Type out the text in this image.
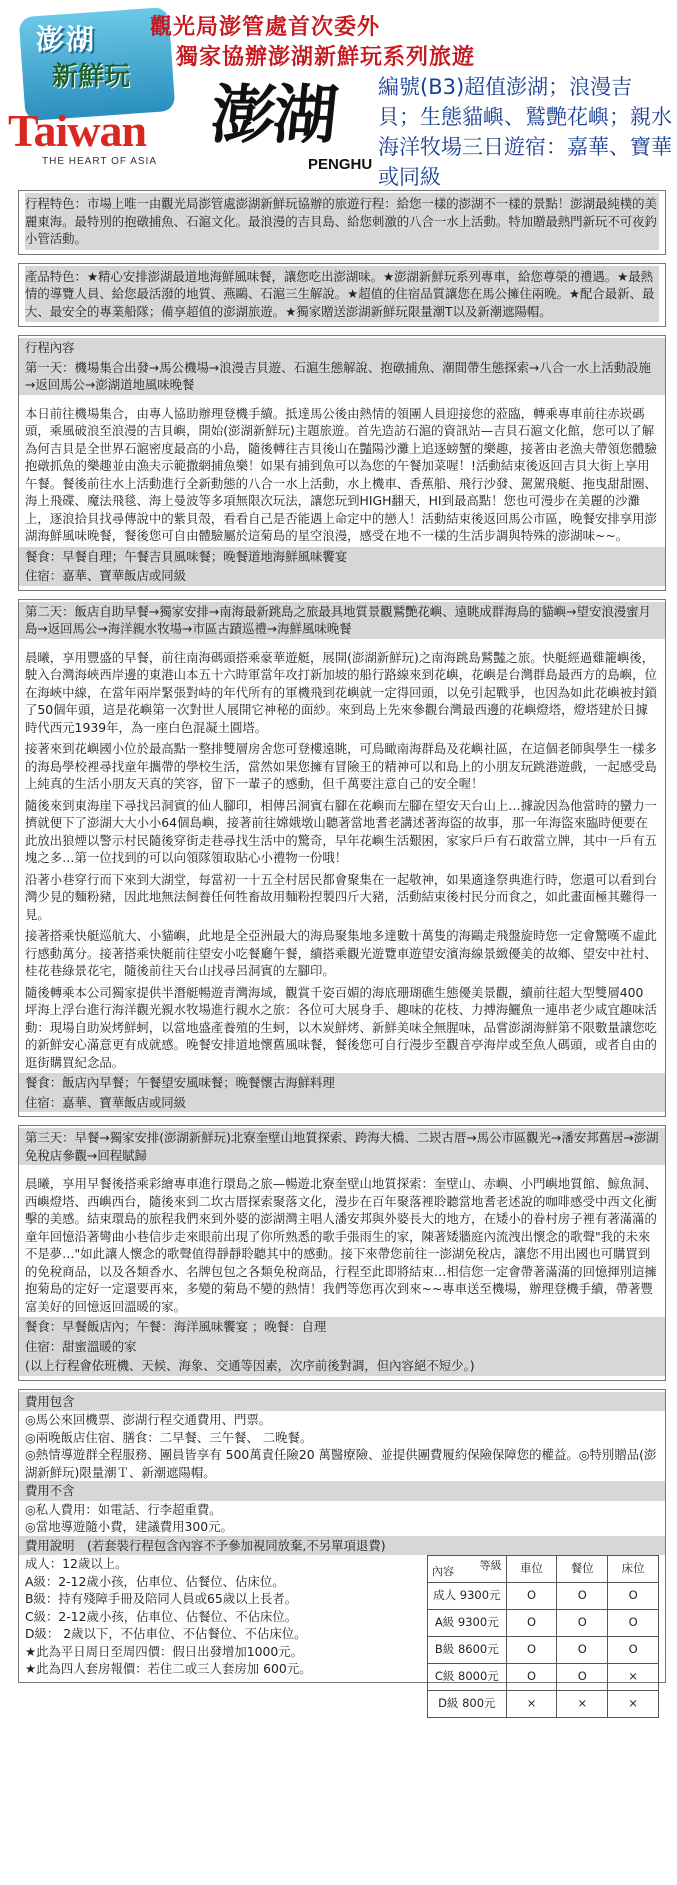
澎湖
新鮮玩
Taiwan
THE HEART OF ASIA
觀光局澎管處首次委外
獨家協辦澎湖新鮮玩系列旅遊
澎湖
PENGHU
編號(B3)超值澎湖；浪漫吉貝；生態貓嶼、鷲艷花嶼；親水海洋牧場三日遊宿：嘉華、寶華或同級
行程特色：市場上唯一由觀光局澎管處澎湖新鮮玩協辦的旅遊行程：給您一樣的澎湖不一樣的景點！澎湖最純樸的美麗東海。最特別的抱礅捕魚、石滬文化。最浪漫的吉貝島、給您刺激的八合一水上活動。特加贈最熱門新玩不可夜釣小管活動。
產品特色：★精心安排澎湖最道地海鮮風味餐，讓您吃出澎湖味。★澎湖新鮮玩系列專車，給您尊榮的禮遇。★最熱情的導覽人員、給您最活潑的地質、燕鷗、石滬三生解說。★超值的住宿品質讓您在馬公擁住兩晚。★配合最新、最大、最安全的專業船隊；備享超值的澎湖旅遊。★獨家贈送澎湖新鮮玩限量潮T以及新潮遮陽帽。
行程內容
第一天：機場集合出發→馬公機場→浪漫吉貝遊、石滬生態解說、抱礅捕魚、潮間帶生態探索→八合一水上活動設施→返回馬公→澎湖道地風味晚餐
本日前往機場集合，由專人協助辦理登機手續。抵達馬公後由熱情的領團人員迎接您的蒞臨，轉乘專車前往赤崁碼頭，乘風破浪至浪漫的吉貝嶼，開始(澎湖新鮮玩)主題旅遊。首先造訪石滬的資訊站—吉貝石滬文化館，您可以了解為何吉貝是全世界石滬密度最高的小島，隨後轉往吉貝後山在豔陽沙灘上追逐螃蟹的樂趣，接著由老漁夫帶領您體驗抱礅抓魚的樂趣並由漁夫示範撒網捕魚樂！如果有捕到魚可以為您的午餐加菜喔！!活動結束後返回吉貝大街上享用午餐。餐後前往水上活動進行全新動態的八合一水上活動，水上機車、香蕉船、飛行沙發、駕駕飛艇、拖曳甜甜圈、海上飛碟、魔法飛毯、海上曼波等多項無限次玩法，讓您玩到HIGH翻天，HI到最高點！您也可漫步在美麗的沙灘上，逐浪拾貝找尋傳說中的紫貝殼，看看自己是否能遇上命定中的戀人！活動結束後返回馬公市區，晚餐安排享用澎湖海鮮風味晚餐，餐後您可自由體驗屬於這菊島的星空浪漫，感受在地不一樣的生活步調與特殊的澎湖味~~。
餐食：早餐自理；午餐吉貝風味餐；晚餐道地海鮮風味饗宴
住宿：嘉華、寶華飯店或同級
第二天：飯店自助早餐→獨家安排→南海最新跳島之旅最具地質景觀鷲艷花嶼、遠眺成群海鳥的貓嶼→望安浪漫蜜月島→返回馬公→海洋親水牧場→市區古蹟巡禮→海鮮風味晚餐
晨曦，享用豐盛的早餐，前往南海碼頭搭乘豪華遊艇，展開(澎湖新鮮玩)之南海跳島鷲豔之旅。快艇經過雞籠嶼後，駛入台灣海峽西岸邊的東港山本五十六時軍當年攻打新加坡的船行路線來到花嶼，花嶼是台灣群島最西方的島嶼，位在海峽中線，在當年兩岸緊張對峙的年代所有的軍機飛到花嶼就一定得回頭，以免引起戰爭，也因為如此花嶼被封鎖了50個年頭，這是花嶼第一次對世人展開它神秘的面紗。來到島上先來參觀台灣最西邊的花嶼燈塔，燈塔建於日據時代西元1939年，為一座白色混凝土圓塔。
接著來到花嶼國小位於最高點一整排雙層房舍您可登樓遠眺，可鳥瞰南海群島及花嶼社區，在這個老師與學生一樣多的海島學校裡尋找童年攜帶的學校生活，當然如果您擁有冒險王的精神可以和島上的小朋友玩跳港遊戲，一起感受島上純真的生活小朋友天真的笑容，留下一輩子的感動，但千萬要注意自己的安全喔！
隨後來到東海崖下尋找呂洞賓的仙人腳印，相傳呂洞賓右腳在花嶼而左腳在望安天台山上…據說因為他當時的蠻力一擠就便下了澎湖大大小小64個島嶼，接著前往嫦娥墩山聽著當地耆老講述著海盜的故事，那一年海盜來臨時便要在此放出狼煙以警示村民隨後穿街走巷尋找生活中的驚奇，早年花嶼生活艱困，家家戶戶有石敢當立牌，其中一戶有五塊之多…第一位找到的可以向領隊領取貼心小禮物一份哦！
沿著小巷穿行而下來到大湖堂，每當初一十五全村居民都會聚集在一起敬神，如果適逢祭典進行時，您還可以看到台灣少見的麵粉豬，因此地無法飼養任何牲畜故用麵粉揑製四斤大豬，活動結束後村民分而食之，如此畫面極其難得一見。
接著搭乘快艇巡航大、小貓嶼，此地是全亞洲最大的海鳥聚集地多達數十萬隻的海鷗走飛盤旋時您一定會驚嘆不虛此行感動萬分。接著搭乘快艇前往望安小吃餐廳午餐，續搭乘觀光遊覽車遊望安濱海線景緻優美的故鄉、望安中社村、桂花巷綠景花宅，隨後前往天台山找尋呂洞賓的左腳印。
隨後轉乘本公司獨家提供半潛艇暢遊青灣海域，觀賞千姿百媚的海底珊瑚礁生態優美景觀，續前往超大型雙層400 坪海上浮台進行海洋觀光親水牧場進行親水之旅：各位可大展身手、趣味的花枝、力搏海鱺魚一連串老少咸宜趣味活動：現場自助炭烤鮮蚵，以當地盛產養殖的生蚵，以木炭鮮烤、新鮮美味全無腥味，品嘗澎湖海鮮第不限數量讓您吃的新鮮安心滿意更有成就感。晚餐安排道地懷舊風味餐，餐後您可自行漫步至觀音亭海岸或至魚人碼頭，或者自由的逛街購買紀念品。
餐食：飯店內早餐；午餐望安風味餐；晚餐懷古海鮮料理
住宿：嘉華、寶華飯店或同級
第三天：早餐→獨家安排(澎湖新鮮玩)北寮奎壁山地質探索、跨海大橋、二崁古厝→馬公市區觀光→潘安邦舊居→澎湖免稅店參觀→回程賦歸
晨曦，享用早餐後搭乘彩繪專車進行環島之旅—暢遊北寮奎壁山地質探索：奎壁山、赤嶼、小門嶼地質館、鯨魚洞、西嶼燈塔、西嶼西台，隨後來到二坎古厝探索聚落文化，漫步在百年聚落裡聆聽當地耆老述說的咖啡感受中西文化衝擊的美感。結束環島的旅程我們來到外婆的澎湖灣主唱人潘安邦與外婆長大的地方，在矮小的眷村房子裡有著滿滿的童年回憶沿著彎曲小巷信步走來眼前出現了你所熟悉的歌手張雨生的家，陳著矮牆庭內流洩出懷念的歌聲"我的未來不是夢…"如此讓人懷念的歌聲值得靜靜聆聽其中的感動。接下來帶您前往一澎湖免稅店，讓您不用出國也可購買到的免稅商品，以及各類香水、名牌包包之各類免稅商品，行程至此即將結束…相信您一定會帶著滿滿的回憶揮別這擁抱菊島的定好一定還要再來，多變的菊島不變的熱情！我們等您再次到來~~專車送至機場，辦理登機手續，帶著豐富美好的回憶返回溫暖的家。
餐食：早餐飯店內；午餐：海洋風味饗宴 ；晚餐：自理
住宿：甜蜜溫暖的家
(以上行程會依班機、天候、海象、交通等因素，次序前後對調，但內容絕不短少。)
費用包含
◎馬公來回機票、澎湖行程交通費用、門票。
◎兩晚飯店住宿、膳食：二早餐、三午餐、 二晚餐。
◎熱情導遊群全程服務、團員皆享有 500萬責任險20 萬醫療險、並提供團費履約保險保障您的權益。◎特別贈品(澎湖新鮮玩)限量潮Ｔ、新潮遮陽帽。
費用不含
◎私人費用：如電話、行李超重費。
◎當地導遊隨小費，建議費用300元。
費用說明　 (若套裝行程包含內容不予參加視同放棄,不另單項退費)
成人：12歲以上。
A級：2-12歲小孩，佔車位、佔餐位、佔床位。
B級：持有殘障手冊及陪同人員或65歲以上長者。
C級：2-12歲小孩，佔車位、佔餐位、不佔床位。
D級： 2歲以下，不佔車位、不佔餐位、不佔床位。
★此為平日周日至周四價：假日出發增加1000元。
★此為四人套房報價：若住二或三人套房加 600元。
內容 等級	車位	餐位	床位
成人 9300元	O	O	O
A級 9300元	O	O	O
B級 8600元	O	O	O
C級 8000元	O	O	×
D級 800元	×	×	×
